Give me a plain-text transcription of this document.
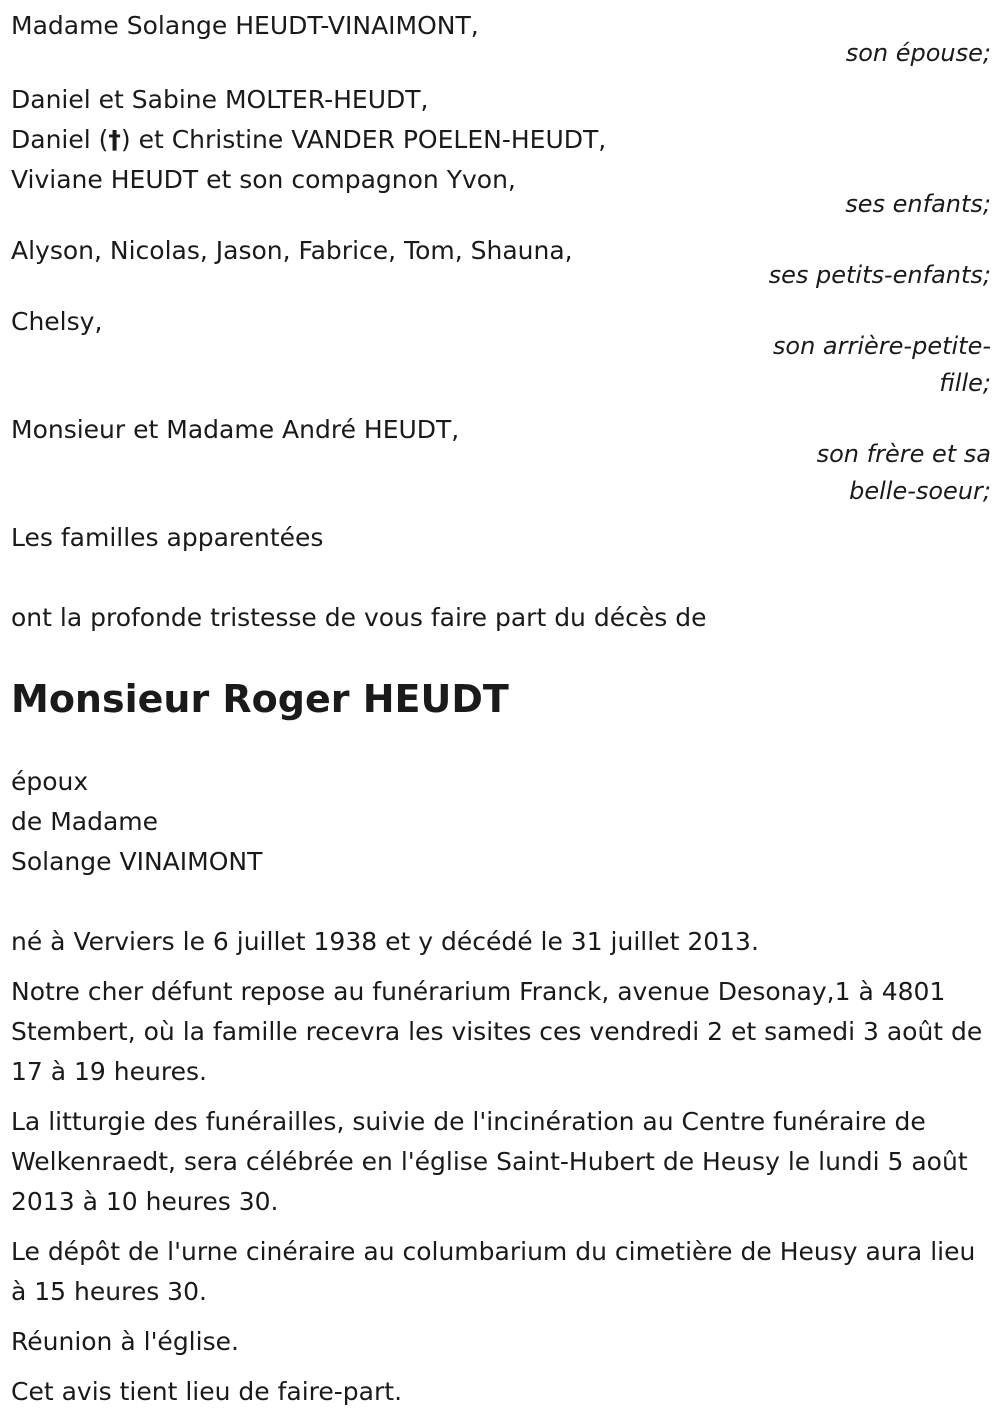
Madame Solange HEUDT-VINAIMONT,
son épouse;
Daniel et Sabine MOLTER-HEUDT,
Daniel (†) et Christine VANDER POELEN-HEUDT,
Viviane HEUDT et son compagnon Yvon,
ses enfants;
Alyson, Nicolas, Jason, Fabrice, Tom, Shauna,
ses petits-enfants;
Chelsy,
son arrière-petite-fille;
Monsieur et Madame André HEUDT,
son frère et sa belle-soeur;
Les familles apparentées
ont la profonde tristesse de vous faire part du décès de
Monsieur Roger HEUDT
époux
de Madame
Solange VINAIMONT
né à Verviers le 6 juillet 1938 et y décédé le 31 juillet 2013.
Notre cher défunt repose au funérarium Franck, avenue Desonay,1 à 4801 Stembert, où la famille recevra les visites ces vendredi 2 et samedi 3 août de 17 à 19 heures.
La litturgie des funérailles, suivie de l'incinération au Centre funéraire de Welkenraedt, sera célébrée en l'église Saint-Hubert de Heusy le lundi 5 août 2013 à 10 heures 30.
Le dépôt de l'urne cinéraire au columbarium du cimetière de Heusy aura lieu à 15 heures 30.
Réunion à l'église.
Cet avis tient lieu de faire-part.
